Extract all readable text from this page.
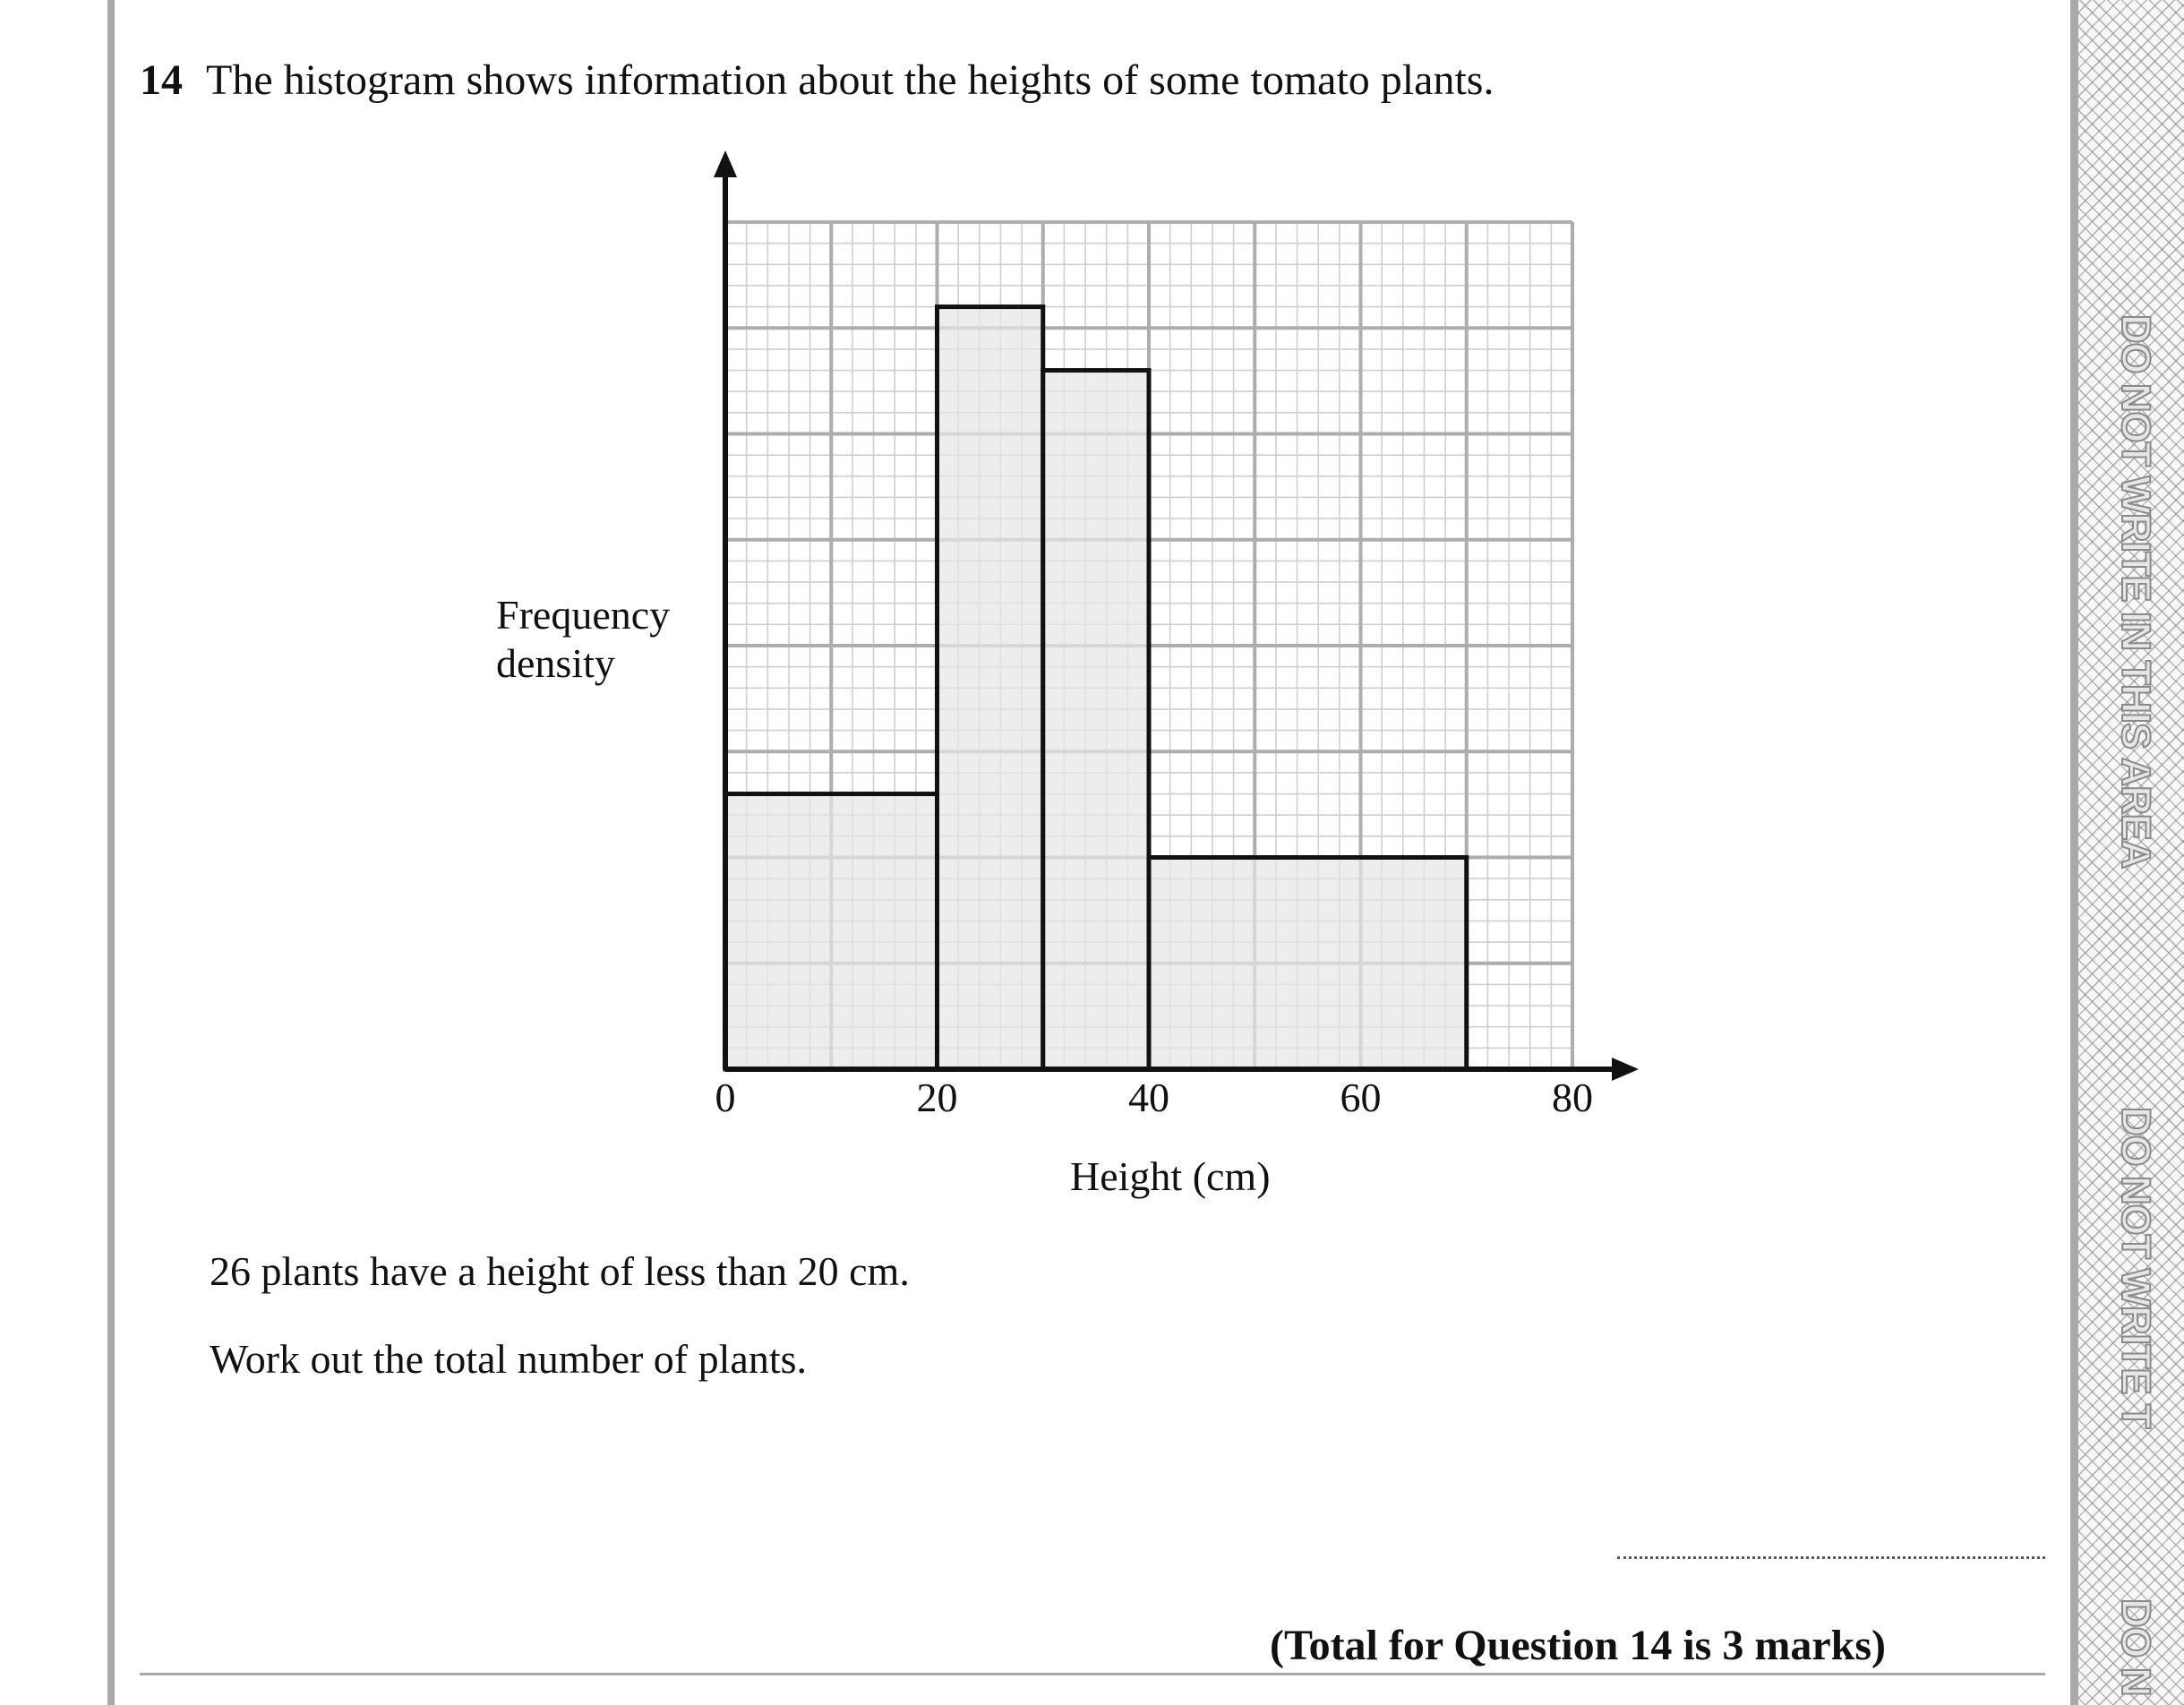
DO NOT WRITE IN THIS AREA
DO NOT WRITE T
DO N
14 The histogram shows information about the heights of some tomato plants.
0	20	40	60	80
Frequency
density
Height (cm)
26 plants have a height of less than 20 cm.
Work out the total number of plants.
(Total for Question 14 is 3 marks)
